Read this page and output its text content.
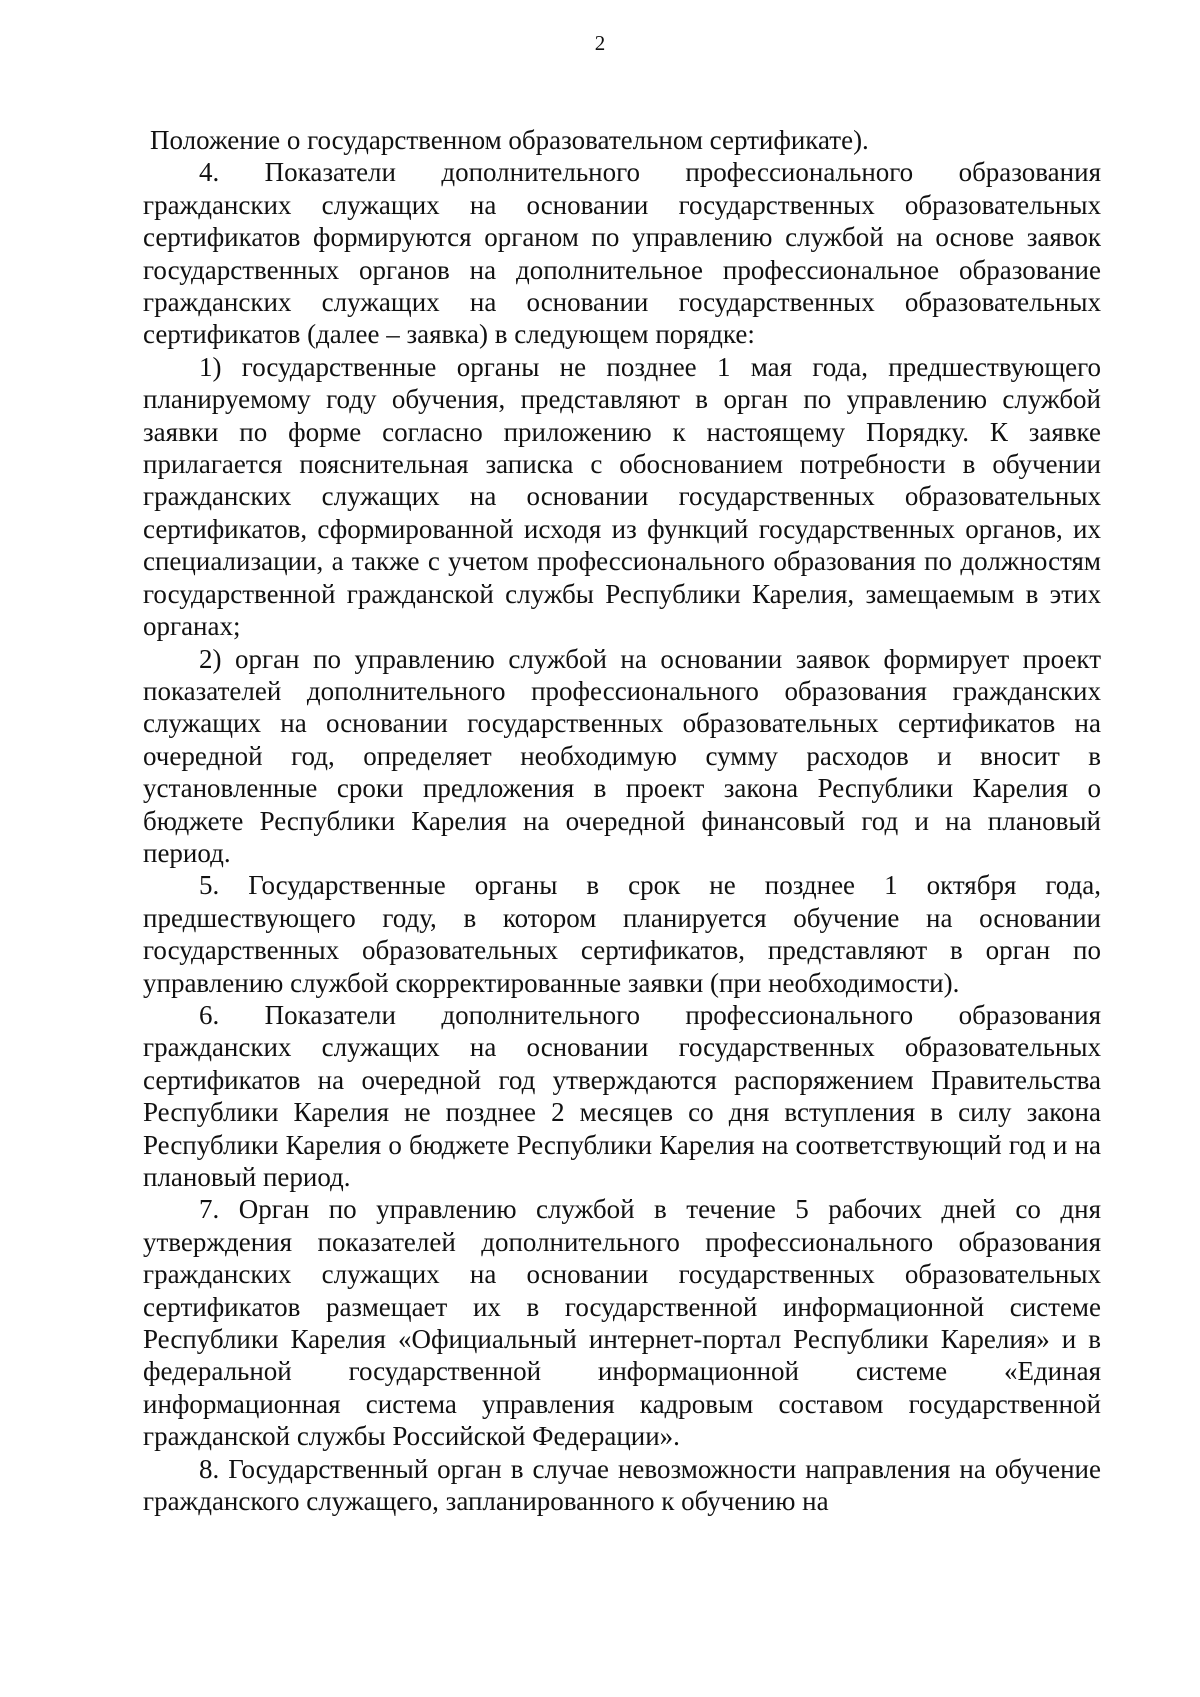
2

Положение о государственном образовательном сертификате).

4. Показатели дополнительного профессионального образования гражданских служащих на основании государственных образовательных сертификатов формируются органом по управлению службой на основе заявок государственных органов на дополнительное профессиональное образование гражданских служащих на основании государственных образовательных сертификатов (далее – заявка) в следующем порядке:

1) государственные органы не позднее 1 мая года, предшествующего планируемому году обучения, представляют в орган по управлению службой заявки по форме согласно приложению к настоящему Порядку. К заявке прилагается пояснительная записка с обоснованием потребности в обучении гражданских служащих на основании государственных образовательных сертификатов, сформированной исходя из функций государственных органов, их специализации, а также с учетом профессионального образования по должностям государственной гражданской службы Республики Карелия, замещаемым в этих органах;

2) орган по управлению службой на основании заявок формирует проект показателей дополнительного профессионального образования гражданских служащих на основании государственных образовательных сертификатов на очередной год, определяет необходимую сумму расходов и вносит в установленные сроки предложения в проект закона Республики Карелия о бюджете Республики Карелия на очередной финансовый год и на плановый период.

5. Государственные органы в срок не позднее 1 октября года, предшествующего году, в котором планируется обучение на основании государственных образовательных сертификатов, представляют в орган по управлению службой скорректированные заявки (при необходимости).

6. Показатели дополнительного профессионального образования гражданских служащих на основании государственных образовательных сертификатов на очередной год утверждаются распоряжением Правительства Республики Карелия не позднее 2 месяцев со дня вступления в силу закона Республики Карелия о бюджете Республики Карелия на соответствующий год и на плановый период.

7. Орган по управлению службой в течение 5 рабочих дней со дня утверждения показателей дополнительного профессионального образования гражданских служащих на основании государственных образовательных сертификатов размещает их в государственной информационной системе Республики Карелия «Официальный интернет-портал Республики Карелия» и в федеральной государственной информационной системе «Единая информационная система управления кадровым составом государственной гражданской службы Российской Федерации».

8. Государственный орган в случае невозможности направления на обучение гражданского служащего, запланированного к обучению на
